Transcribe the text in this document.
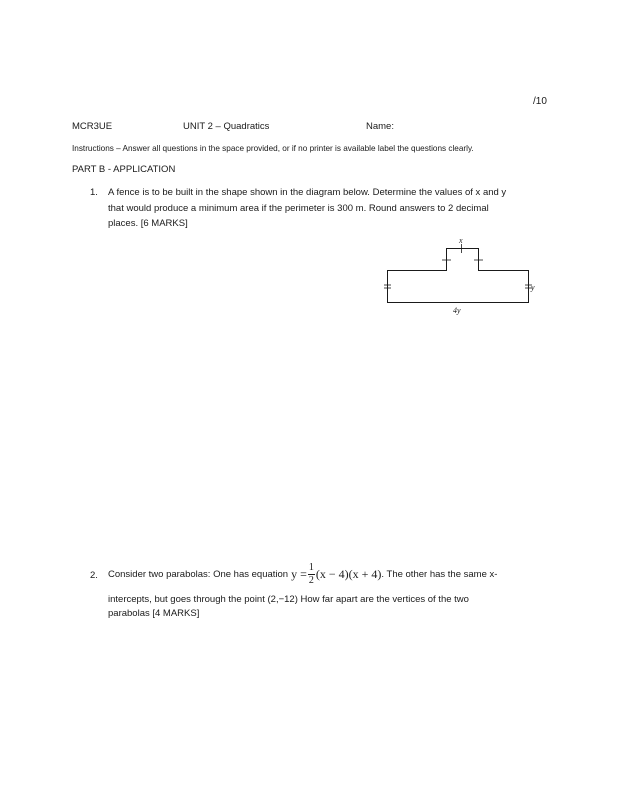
/10
MCR3UE	UNIT 2 – Quadratics	Name:
Instructions – Answer all questions in the space provided, or if no printer is available label the questions clearly.
PART B - APPLICATION
1. A fence is to be built in the shape shown in the diagram below. Determine the values of x and y
that would produce a minimum area if the perimeter is 300 m. Round answers to 2 decimal
places. [6 MARKS]
x
y
4y
2. Consider two parabolas: One has equation $y = \frac{1}{2} (x - 4)(x + 4)$ . The other has the same x-
intercepts, but goes through the point (2,−12) How far apart are the vertices of the two
parabolas [4 MARKS]
